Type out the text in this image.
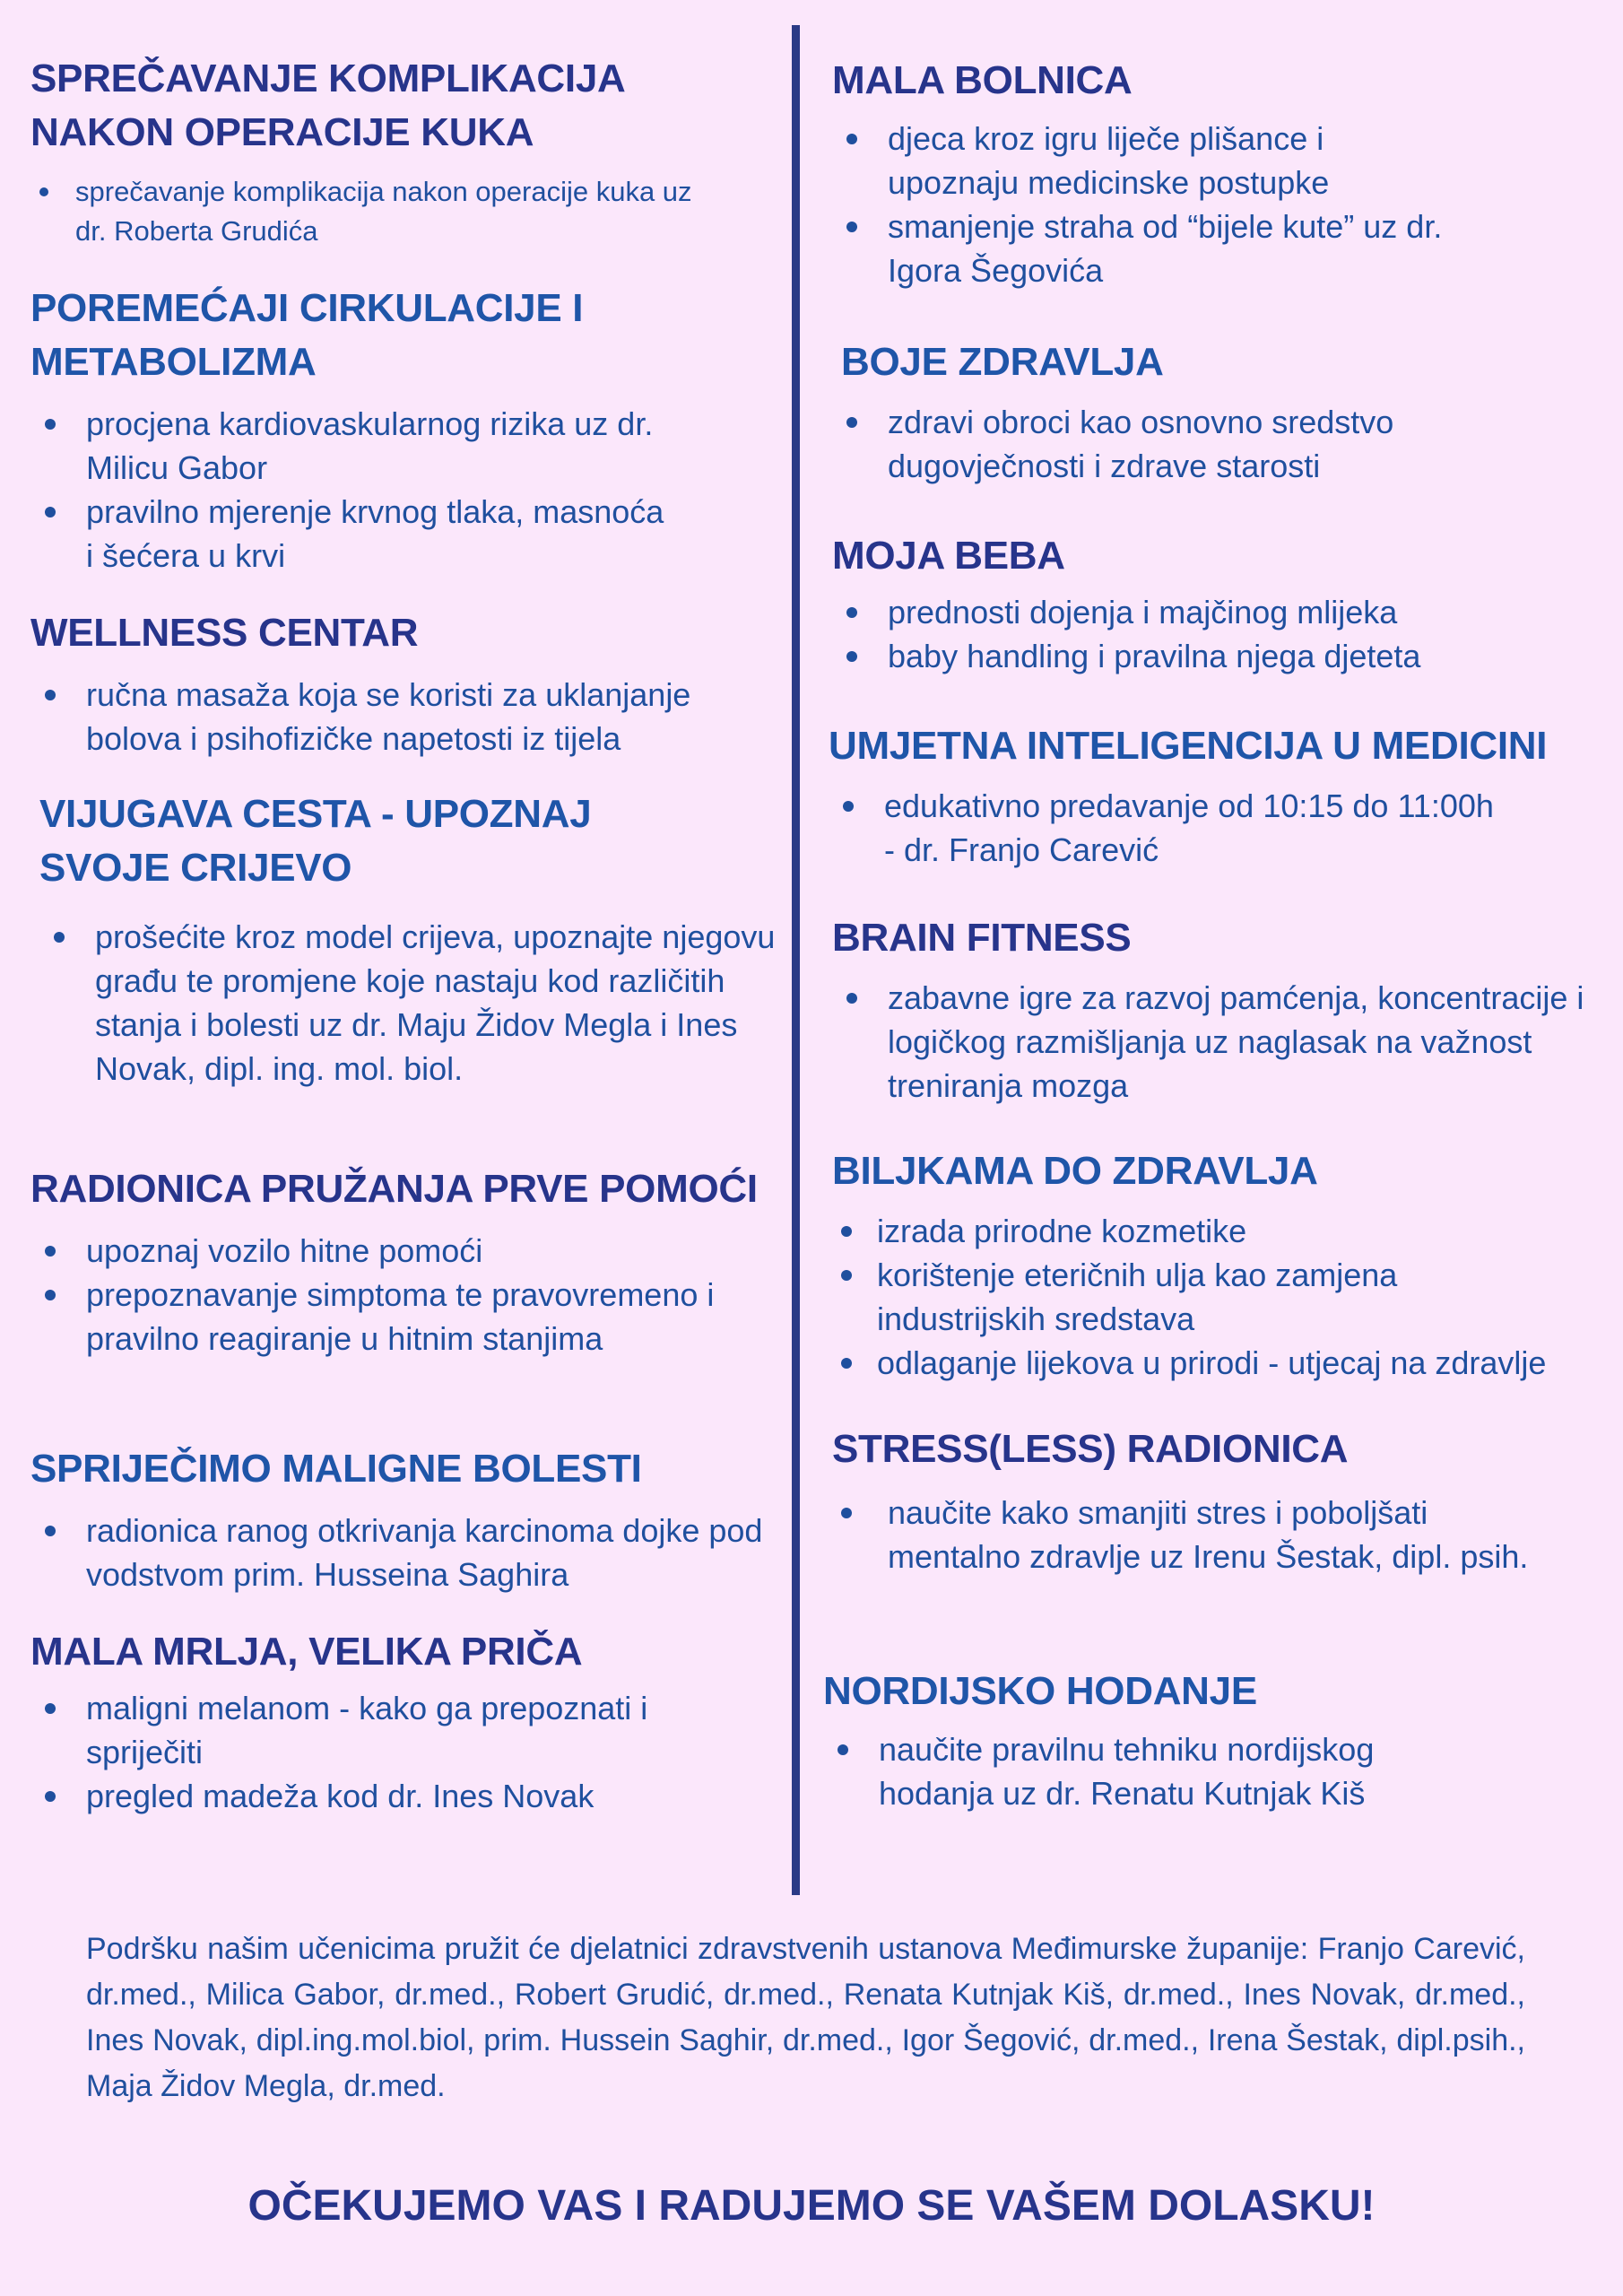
SPREČAVANJE KOMPLIKACIJA NAKON OPERACIJE KUKA
sprečavanje komplikacija nakon operacije kuka uz dr. Roberta Grudića
POREMEĆAJI CIRKULACIJE I METABOLIZMA
procjena kardiovaskularnog rizika uz dr. Milicu Gabor
pravilno mjerenje krvnog tlaka, masnoća i šećera u krvi
WELLNESS CENTAR
ručna masaža koja se koristi za uklanjanje bolova i psihofizičke napetosti iz tijela
VIJUGAVA CESTA - UPOZNAJ SVOJE CRIJEVO
prošećite kroz model crijeva, upoznajte njegovu građu te promjene koje nastaju kod različitih stanja i bolesti uz dr. Maju Židov Megla i Ines Novak, dipl. ing. mol. biol.
RADIONICA PRUŽANJA PRVE POMOĆI
upoznaj vozilo hitne pomoći
prepoznavanje simptoma te pravovremeno i pravilno reagiranje u hitnim stanjima
SPRIJEČIMO MALIGNE BOLESTI
radionica ranog otkrivanja karcinoma dojke pod vodstvom prim. Husseina Saghira
MALA MRLJA, VELIKA PRIČA
maligni melanom - kako ga prepoznati i spriječiti
pregled madeža kod dr. Ines Novak
MALA BOLNICA
djeca kroz igru liječe plišance i upoznaju medicinske postupke
smanjenje straha od “bijele kute” uz dr. Igora Šegovića
BOJE ZDRAVLJA
zdravi obroci kao osnovno sredstvo dugovječnosti i zdrave starosti
MOJA BEBA
prednosti dojenja i majčinog mlijeka
baby handling i pravilna njega djeteta
UMJETNA INTELIGENCIJA U MEDICINI
edukativno predavanje od 10:15 do 11:00h - dr. Franjo Carević
BRAIN FITNESS
zabavne igre za razvoj pamćenja, koncentracije i logičkog razmišljanja uz naglasak na važnost treniranja mozga
BILJKAMA DO ZDRAVLJA
izrada prirodne kozmetike
korištenje eteričnih ulja kao zamjena industrijskih sredstava
odlaganje lijekova u prirodi - utjecaj na zdravlje
STRESS(LESS) RADIONICA
naučite kako smanjiti stres i poboljšati mentalno zdravlje uz Irenu Šestak, dipl. psih.
NORDIJSKO HODANJE
naučite pravilnu tehniku nordijskog hodanja uz dr. Renatu Kutnjak Kiš
Podršku našim učenicima pružit će djelatnici zdravstvenih ustanova Međimurske županije: Franjo Carević, dr.med., Milica Gabor, dr.med., Robert Grudić, dr.med., Renata Kutnjak Kiš, dr.med., Ines Novak, dr.med., Ines Novak, dipl.ing.mol.biol, prim. Hussein Saghir, dr.med., Igor Šegović, dr.med., Irena Šestak, dipl.psih., Maja Židov Megla, dr.med.
OČEKUJEMO VAS I RADUJEMO SE VAŠEM DOLASKU!
